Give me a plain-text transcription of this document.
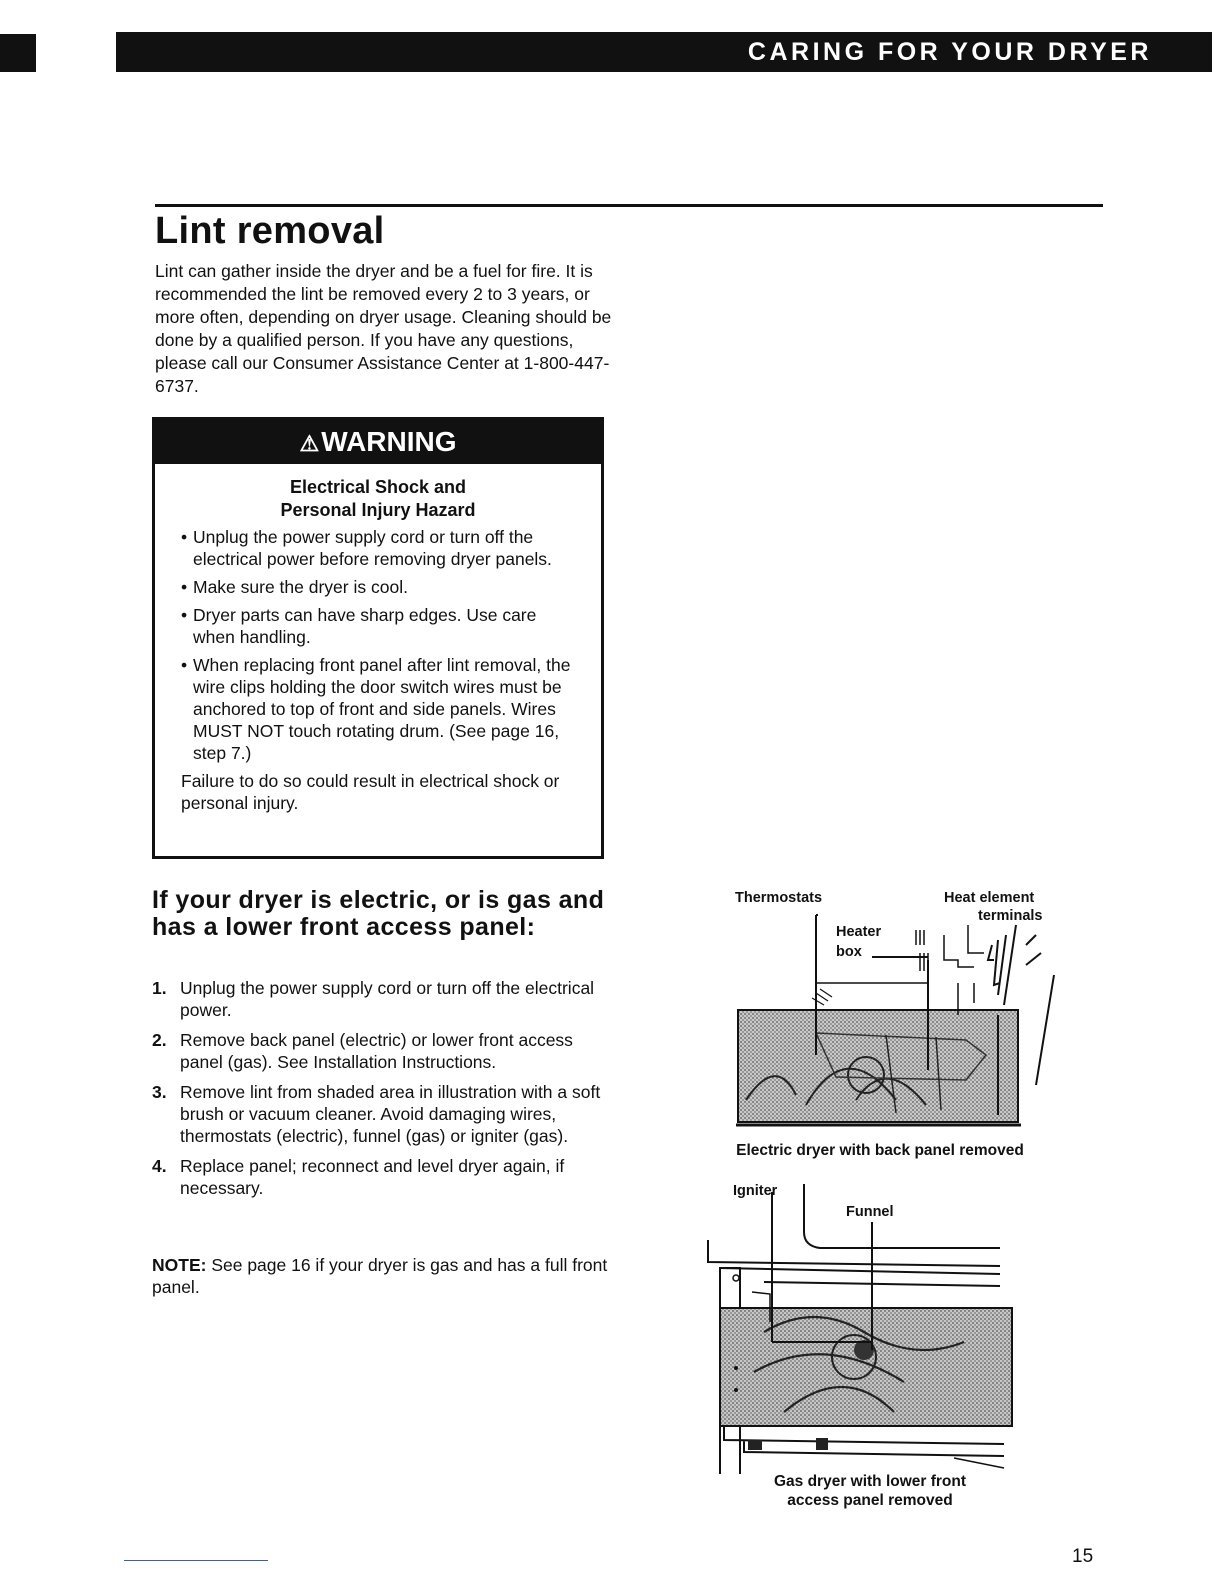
CARING FOR YOUR DRYER
Lint removal

Lint can gather inside the dryer and be a fuel for fire. It is recommended the lint be removed every 2 to 3 years, or more often, depending on dryer usage. Cleaning should be done by a qualified person. If you have any questions, please call our Consumer Assistance Center at 1-800-447-6737.

⚠WARNING
Electrical Shock and
Personal Injury Hazard
• Unplug the power supply cord or turn off the electrical power before removing dryer panels.
• Make sure the dryer is cool.
• Dryer parts can have sharp edges. Use care when handling.
• When replacing front panel after lint removal, the wire clips holding the door switch wires must be anchored to top of front and side panels. Wires MUST NOT touch rotating drum. (See page 16, step 7.)

Failure to do so could result in electrical shock or personal injury.

If your dryer is electric, or is gas and has a lower front access panel:
1. Unplug the power supply cord or turn off the electrical power.
2. Remove back panel (electric) or lower front access panel (gas). See Installation Instructions.
3. Remove lint from shaded area in illustration with a soft brush or vacuum cleaner. Avoid damaging wires, thermostats (electric), funnel (gas) or igniter (gas).
4. Replace panel; reconnect and level dryer again, if necessary.

NOTE: See page 16 if your dryer is gas and has a full front panel.

Thermostats	Heat element

terminals

Heater

box

Electric dryer with back panel removed

Igniter

Funnel

Gas dryer with lower front
access panel removed

15
